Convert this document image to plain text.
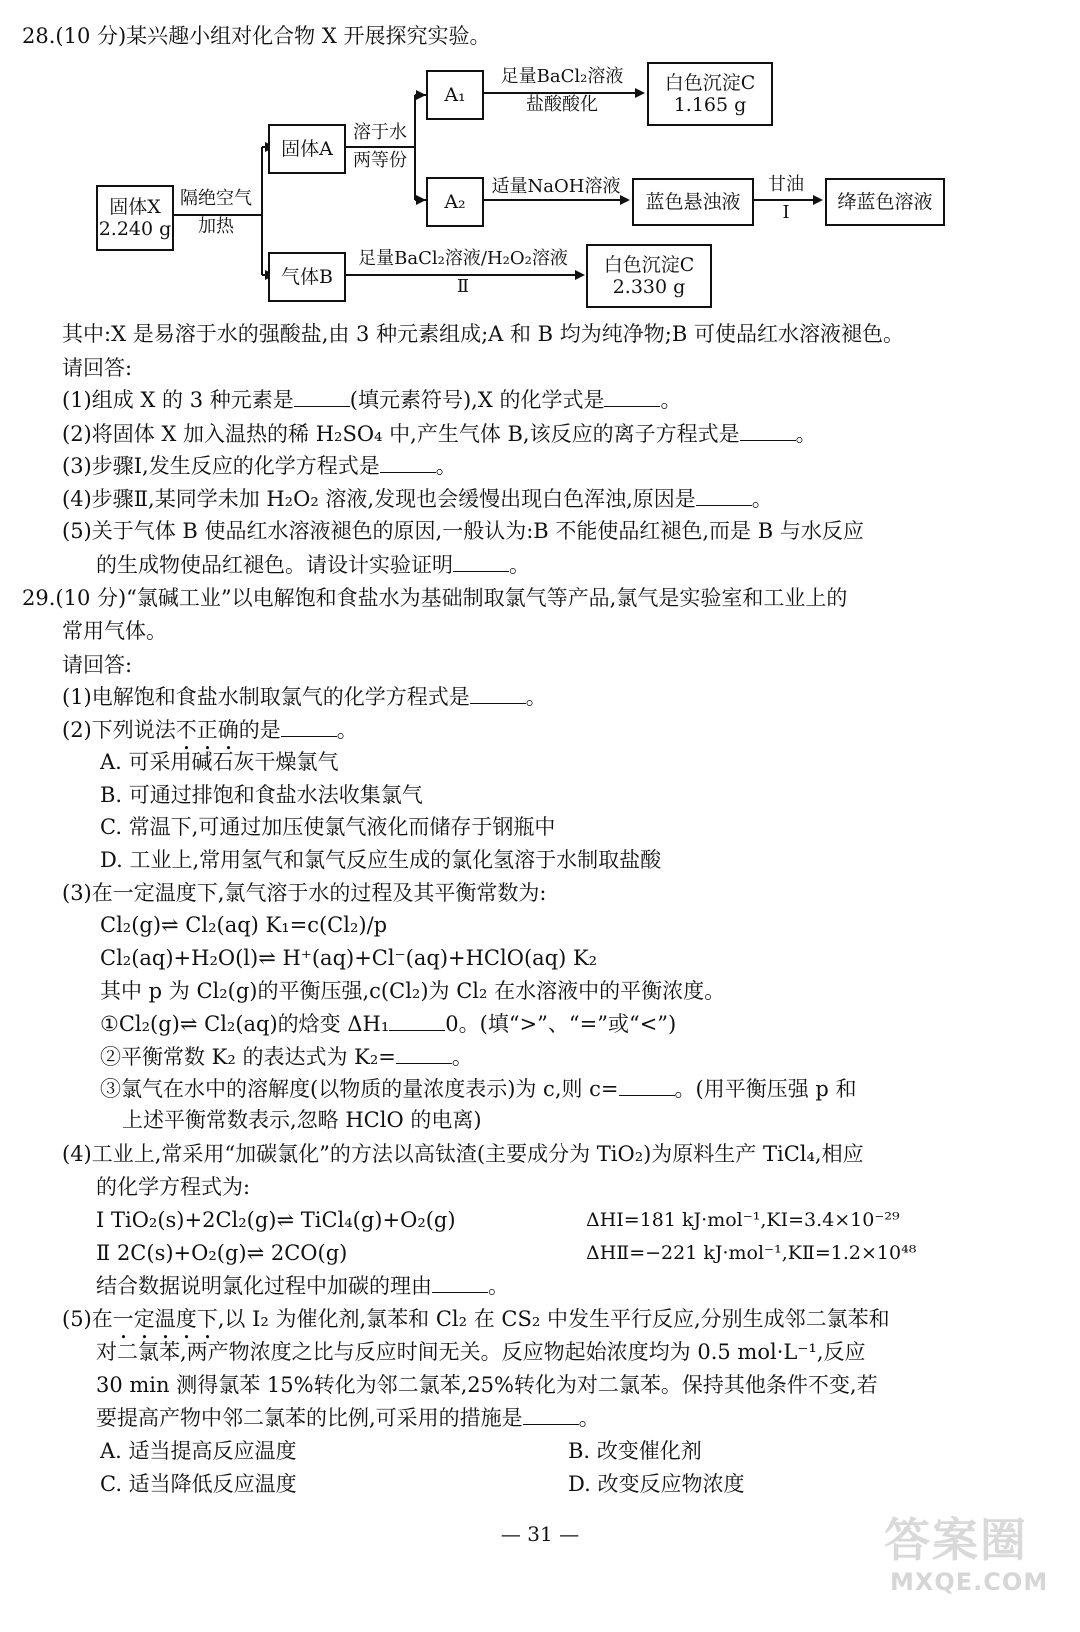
28.(10 分)某兴趣小组对化合物 X 开展探究实验。
固体X
2.240 g
隔绝空气
加热
固体A
溶于水
两等份
A₁
足量BaCl₂溶液
盐酸酸化
白色沉淀C
1.165 g
A₂
适量NaOH溶液
蓝色悬浊液
甘油
Ⅰ	绛蓝色溶液
气体B
足量BaCl₂溶液/H₂O₂溶液
Ⅱ
白色沉淀C
2.330 g
其中:X 是易溶于水的强酸盐,由 3 种元素组成;A 和 B 均为纯净物;B 可使品红水溶液褪色。
请回答:
(1)组成 X 的 3 种元素是	(填元素符号),X 的化学式是	。
(2)将固体 X 加入温热的稀 H₂SO₄ 中,产生气体 B,该反应的离子方程式是	。
(3)步骤Ⅰ,发生反应的化学方程式是	。
(4)步骤Ⅱ,某同学未加 H₂O₂ 溶液,发现也会缓慢出现白色浑浊,原因是	。
(5)关于气体 B 使品红水溶液褪色的原因,一般认为:B 不能使品红褪色,而是 B 与水反应
的生成物使品红褪色。请设计实验证明	。
29.(10 分)“氯碱工业”以电解饱和食盐水为基础制取氯气等产品,氯气是实验室和工业上的
常用气体。
请回答:
(1)电解饱和食盐水制取氯气的化学方程式是	。
(2)下列说法不正确的是	。
A. 可采用碱石灰干燥氯气
B. 可通过排饱和食盐水法收集氯气
C. 常温下,可通过加压使氯气液化而储存于钢瓶中
D. 工业上,常用氢气和氯气反应生成的氯化氢溶于水制取盐酸
(3)在一定温度下,氯气溶于水的过程及其平衡常数为:
Cl₂(g)⇌ Cl₂(aq) K₁=c(Cl₂)/p
Cl₂(aq)+H₂O(l)⇌ H⁺(aq)+Cl⁻(aq)+HClO(aq) K₂
其中 p 为 Cl₂(g)的平衡压强,c(Cl₂)为 Cl₂ 在水溶液中的平衡浓度。
①Cl₂(g)⇌ Cl₂(aq)的焓变 ΔH₁	0。(填“>”、“=”或“<”)
②平衡常数 K₂ 的表达式为 K₂=	。
③氯气在水中的溶解度(以物质的量浓度表示)为 c,则 c=	。(用平衡压强 p 和
上述平衡常数表示,忽略 HClO 的电离)
(4)工业上,常采用“加碳氯化”的方法以高钛渣(主要成分为 TiO₂)为原料生产 TiCl₄,相应
的化学方程式为:
Ⅰ TiO₂(s)+2Cl₂(g)⇌ TiCl₄(g)+O₂(g)	ΔHⅠ=181 kJ·mol⁻¹,KⅠ=3.4×10⁻²⁹
Ⅱ 2C(s)+O₂(g)⇌ 2CO(g)	ΔHⅡ=−221 kJ·mol⁻¹,KⅡ=1.2×10⁴⁸
结合数据说明氯化过程中加碳的理由	。
(5)在一定温度下,以 I₂ 为催化剂,氯苯和 Cl₂ 在 CS₂ 中发生平行反应,分别生成邻二氯苯和
对二氯苯,两产物浓度之比与反应时间无关。反应物起始浓度均为 0.5 mol·L⁻¹,反应
30 min 测得氯苯 15%转化为邻二氯苯,25%转化为对二氯苯。保持其他条件不变,若
要提高产物中邻二氯苯的比例,可采用的措施是	。
A. 适当提高反应温度	B. 改变催化剂
C. 适当降低反应温度	D. 改变反应物浓度
— 31 —	答案圈
MXQE.COM
